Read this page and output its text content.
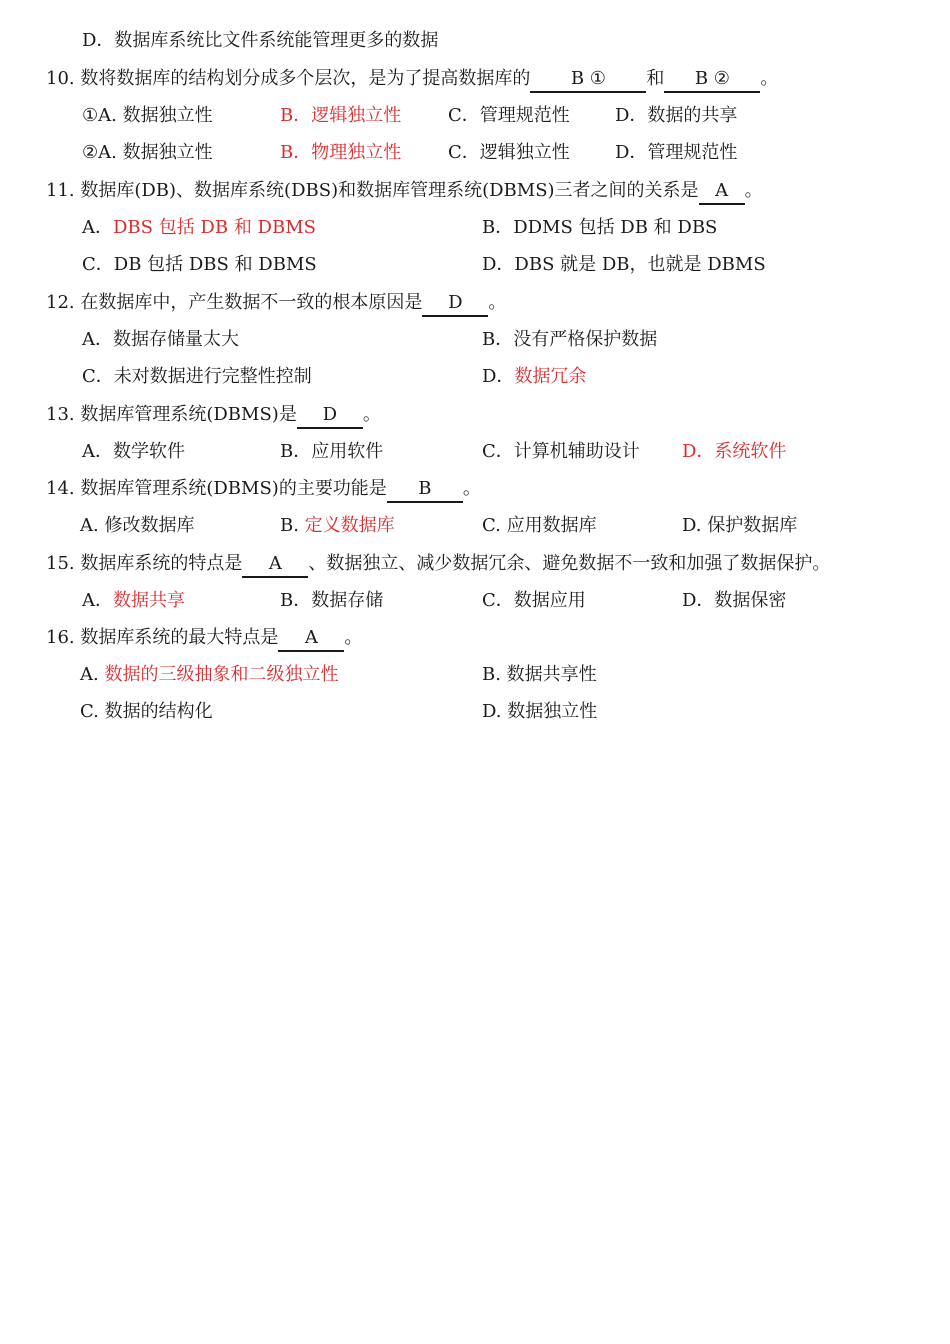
D．数据库系统比文件系统能管理更多的数据
10. 数将数据库的结构划分成多个层次，是为了提高数据库的 B ① 和 B ② 。
①A. 数据独立性	B．逻辑独立性	C．管理规范性	D．数据的共享
②A. 数据独立性	B．物理独立性	C．逻辑独立性	D．管理规范性
11. 数据库(DB)、数据库系统(DBS)和数据库管理系统(DBMS)三者之间的关系是 A 。
A．DBS 包括 DB 和 DBMS	B．DDMS 包括 DB 和 DBS
C．DB 包括 DBS 和 DBMS	D．DBS 就是 DB，也就是 DBMS
12. 在数据库中，产生数据不一致的根本原因是 D 。
A．数据存储量太大	B．没有严格保护数据
C．未对数据进行完整性控制	D．数据冗余
13. 数据库管理系统(DBMS)是 D 。
A．数学软件	B．应用软件	C．计算机辅助设计 D．系统软件
14. 数据库管理系统(DBMS)的主要功能是 B 。
A. 修改数据库	B. 定义数据库	C. 应用数据库	D. 保护数据库
15. 数据库系统的特点是 A 、数据独立、减少数据冗余、避免数据不一致和加强了数据保护。
A．数据共享	B．数据存储	C．数据应用	D．数据保密
16. 数据库系统的最大特点是 A 。
A. 数据的三级抽象和二级独立性	B. 数据共享性
C. 数据的结构化	D. 数据独立性
